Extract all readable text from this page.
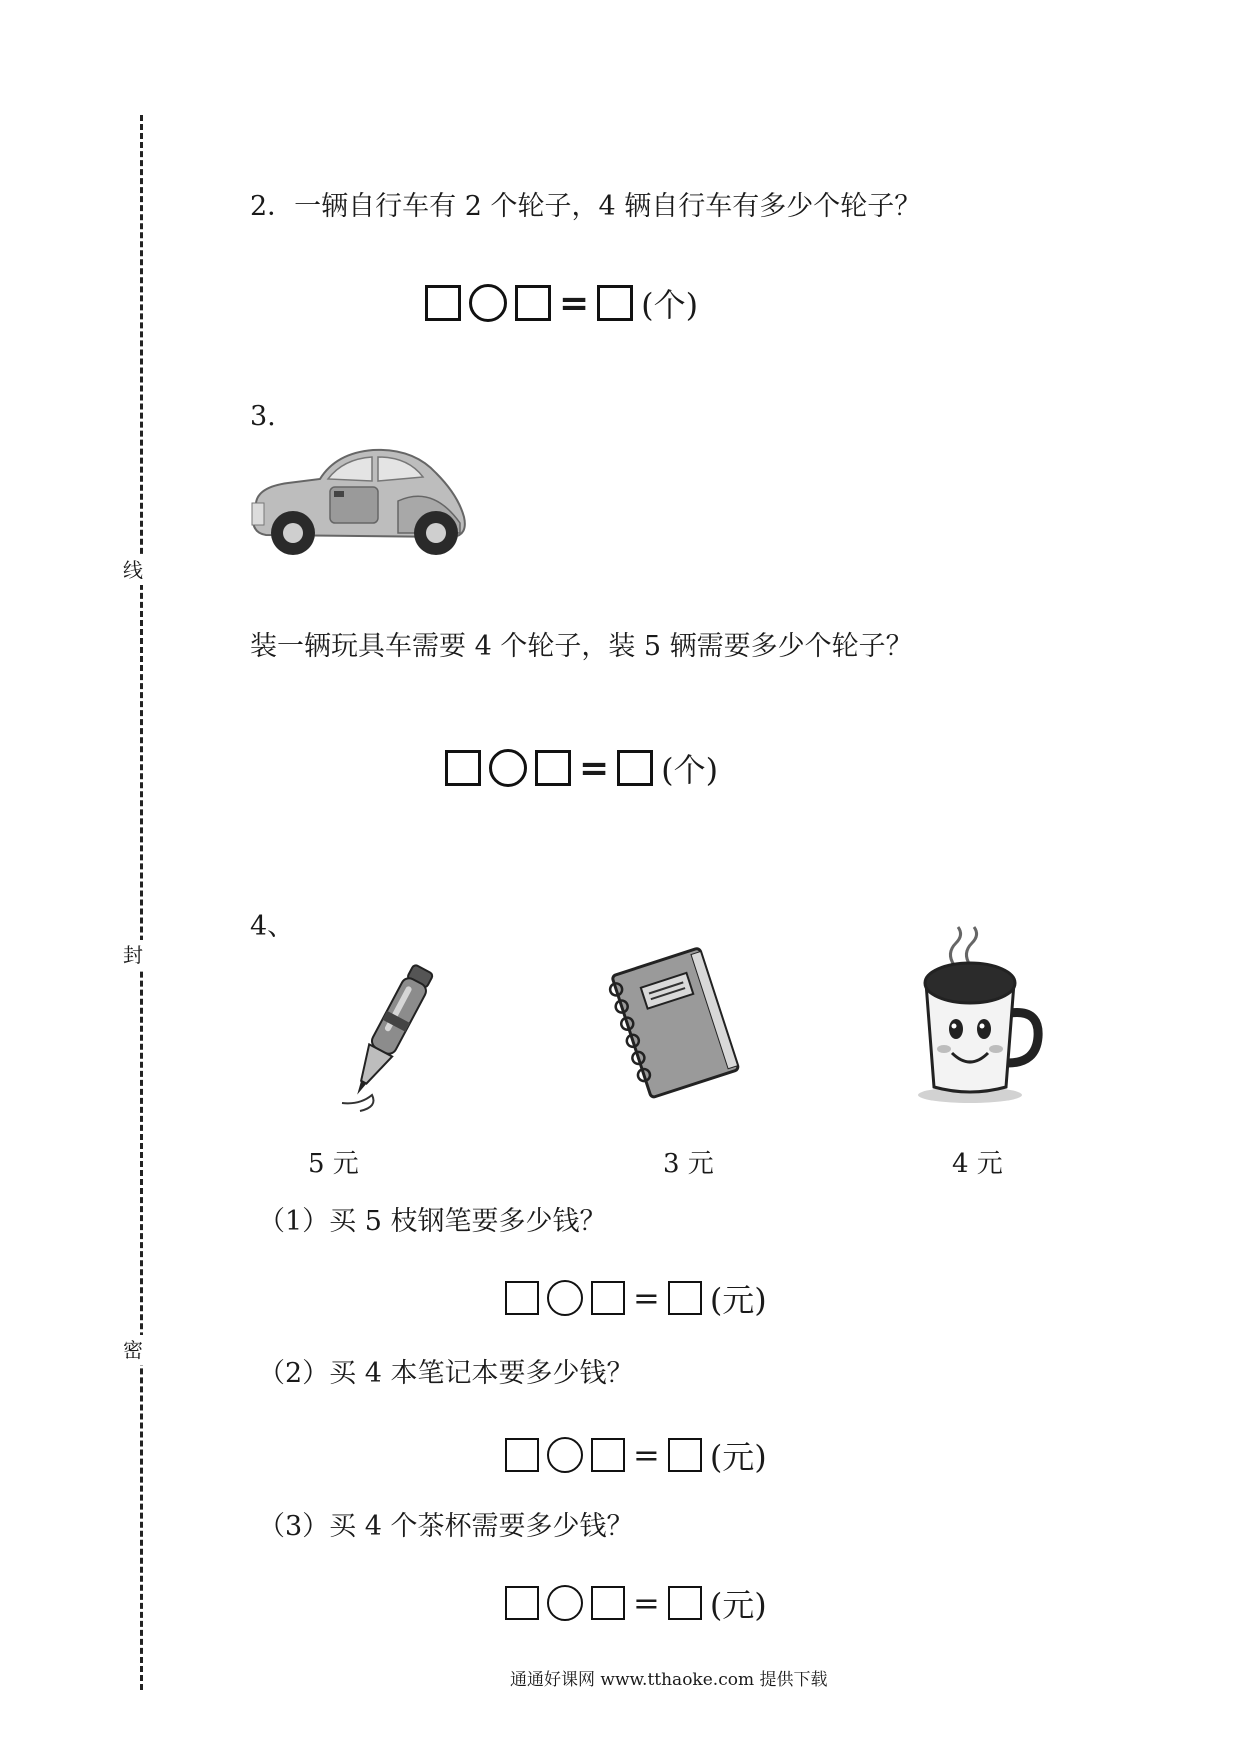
线
封
密
2．一辆自行车有 2 个轮子，4 辆自行车有多少个轮子？
= (个)
3.
装一辆玩具车需要 4 个轮子，装 5 辆需要多少个轮子？
= (个)
4、
5 元	3 元	4 元
（1）买 5 枝钢笔要多少钱？
= (元)
（2）买 4 本笔记本要多少钱？
= (元)
（3）买 4 个茶杯需要多少钱？
= (元)
通通好课网 www.tthaoke.com 提供下载
